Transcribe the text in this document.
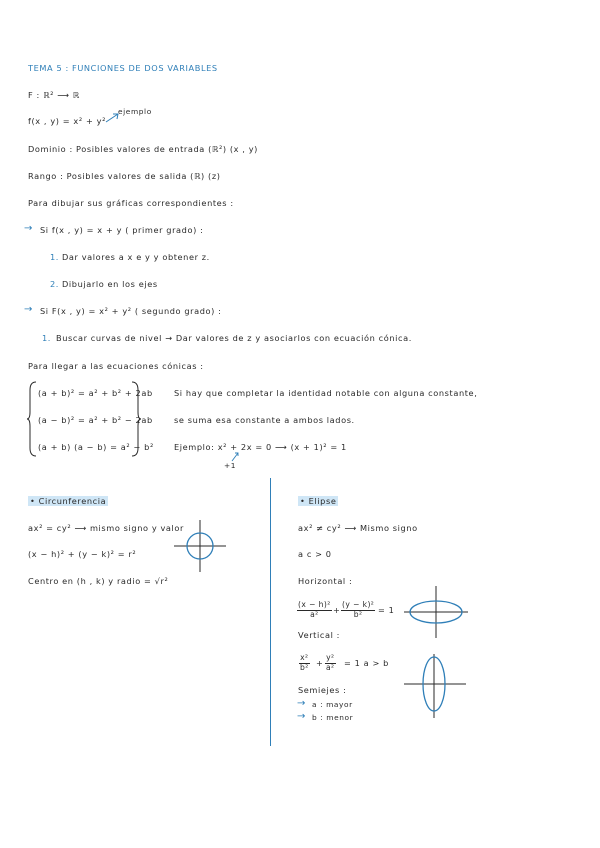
TEMA 5 : FUNCIONES DE DOS VARIABLES
F : ℝ² ⟶ ℝ
f(x , y) = x² + y²
ejemplo
Dominio : Posibles valores de entrada (ℝ²) (x , y)
Rango : Posibles valores de salida (ℝ) (z)
Para dibujar sus gráficas correspondientes :
→ Si f(x , y) = x + y ( primer grado) :
1. Dar valores a x e y y obtener z.
2. Dibujarlo en los ejes
→ Si F(x , y) = x² + y² ( segundo grado) :
1. Buscar curvas de nivel → Dar valores de z y asociarlos con ecuación cónica.
Para llegar a las ecuaciones cónicas :
(a + b)² = a² + b² + 2ab
(a − b)² = a² + b² − 2ab
(a + b) (a − b) = a² − b²
Si hay que completar la identidad notable con alguna constante,
se suma esa constante a ambos lados.
Ejemplo: x² + 2x = 0 ⟶ (x + 1)² = 1
+1
• Circunferencia
ax² = cy² ⟶ mismo signo y valor
(x − h)² + (y − k)² = r²
Centro en (h , k) y radio = √r²
• Elipse
ax² ≠ cy² ⟶ Mismo signo
a c > 0
Horizontal :
$\frac{\text{(x − h)²}}{\text{a²}} + \frac{\text{(y − k)²}}{\text{b²}} = 1$
Vertical :
$\frac{\text{x²}}{\text{b²}} + \frac{\text{y²}}{\text{a²}} = 1$ a > b
Semiejes :
→ a : mayor
→ b : menor
